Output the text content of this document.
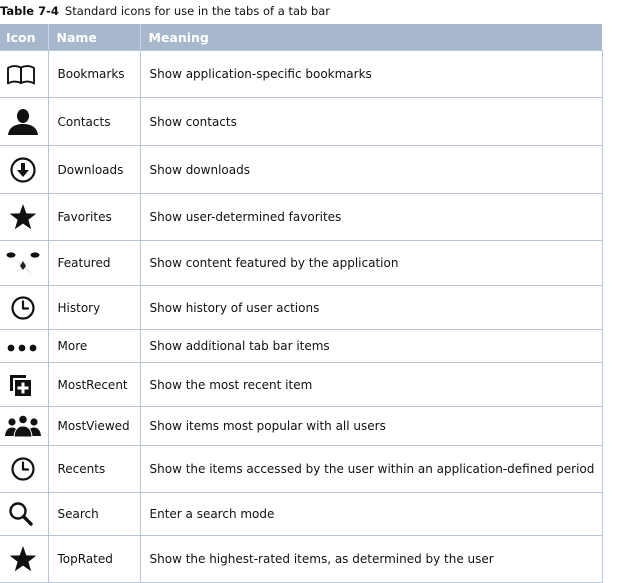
Table 7-4 Standard icons for use in the tabs of a tab bar
Icon	Name	Meaning

	Bookmarks	Show application-specific bookmarks

	Contacts	Show contacts

	Downloads	Show downloads

	Favorites	Show user-determined favorites

	Featured	Show content featured by the application

	History	Show history of user actions

	More	Show additional tab bar items

	MostRecent	Show the most recent item

	MostViewed	Show items most popular with all users

	Recents	Show the items accessed by the user within an application-defined period

	Search	Enter a search mode

	TopRated	Show the highest-rated items, as determined by the user
